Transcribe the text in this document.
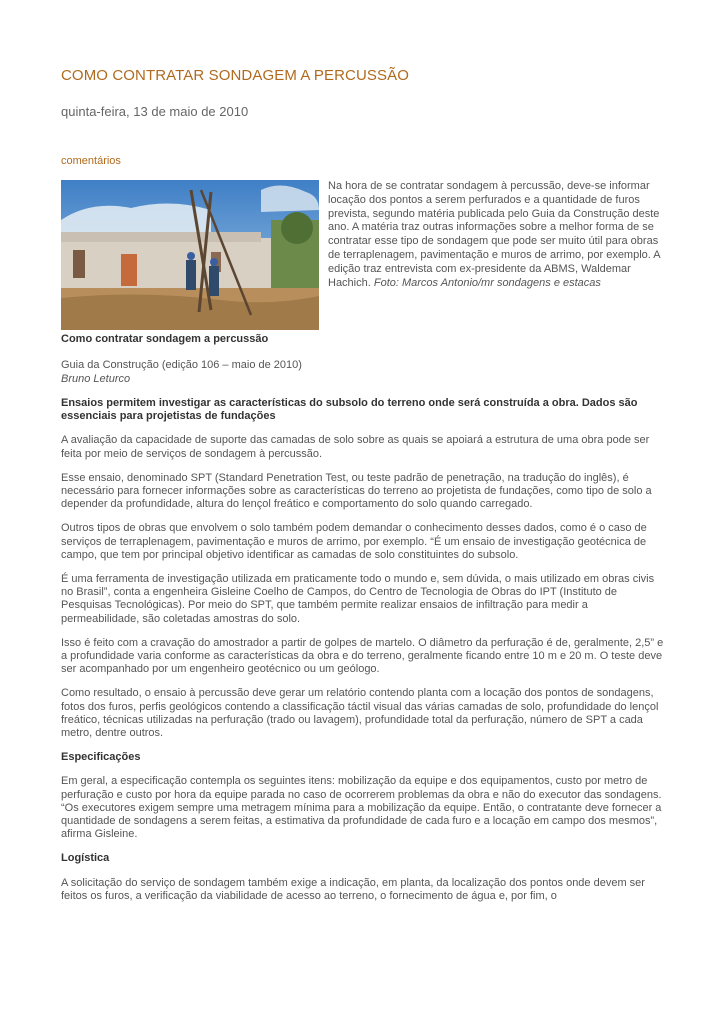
COMO CONTRATAR SONDAGEM A PERCUSSÃO
quinta-feira, 13 de maio de 2010
comentários

Na hora de se contratar sondagem à percussão, deve-se informar locação dos pontos a serem perfurados e a quantidade de furos prevista, segundo matéria publicada pelo Guia da Construção deste ano. A matéria traz outras informações sobre a melhor forma de se contratar esse tipo de sondagem que pode ser muito útil para obras de terraplenagem, pavimentação e muros de arrimo, por exemplo. A edição traz entrevista com ex-presidente da ABMS, Waldemar Hachich. Foto: Marcos Antonio/mr sondagens e estacas

Como contratar sondagem a percussão
Guia da Construção (edição 106 – maio de 2010)
Bruno Leturco

Ensaios permitem investigar as características do subsolo do terreno onde será construída a obra. Dados são essenciais para projetistas de fundações

A avaliação da capacidade de suporte das camadas de solo sobre as quais se apoiará a estrutura de uma obra pode ser feita por meio de serviços de sondagem à percussão.

Esse ensaio, denominado SPT (Standard Penetration Test, ou teste padrão de penetração, na tradução do inglês), é necessário para fornecer informações sobre as características do terreno ao projetista de fundações, como tipo de solo a depender da profundidade, altura do lençol freático e comportamento do solo quando carregado.

Outros tipos de obras que envolvem o solo também podem demandar o conhecimento desses dados, como é o caso de serviços de terraplenagem, pavimentação e muros de arrimo, por exemplo. “É um ensaio de investigação geotécnica de campo, que tem por principal objetivo identificar as camadas de solo constituintes do subsolo.

É uma ferramenta de investigação utilizada em praticamente todo o mundo e, sem dúvida, o mais utilizado em obras civis no Brasil”, conta a engenheira Gisleine Coelho de Campos, do Centro de Tecnologia de Obras do IPT (Instituto de Pesquisas Tecnológicas). Por meio do SPT, que também permite realizar ensaios de infiltração para medir a permeabilidade, são coletadas amostras do solo.

Isso é feito com a cravação do amostrador a partir de golpes de martelo. O diâmetro da perfuração é de, geralmente, 2,5” e a profundidade varia conforme as características da obra e do terreno, geralmente ficando entre 10 m e 20 m. O teste deve ser acompanhado por um engenheiro geotécnico ou um geólogo.

Como resultado, o ensaio à percussão deve gerar um relatório contendo planta com a locação dos pontos de sondagens, fotos dos furos, perfis geológicos contendo a classificação táctil visual das várias camadas de solo, profundidade do lençol freático, técnicas utilizadas na perfuração (trado ou lavagem), profundidade total da perfuração, número de SPT a cada metro, dentre outros.

Especificações

Em geral, a especificação contempla os seguintes itens: mobilização da equipe e dos equipamentos, custo por metro de perfuração e custo por hora da equipe parada no caso de ocorrerem problemas da obra e não do executor das sondagens. “Os executores exigem sempre uma metragem mínima para a mobilização da equipe. Então, o contratante deve fornecer a quantidade de sondagens a serem feitas, a estimativa da profundidade de cada furo e a locação em campo dos mesmos”, afirma Gisleine.

Logística

A solicitação do serviço de sondagem também exige a indicação, em planta, da localização dos pontos onde devem ser feitos os furos, a verificação da viabilidade de acesso ao terreno, o fornecimento de água e, por fim, o
